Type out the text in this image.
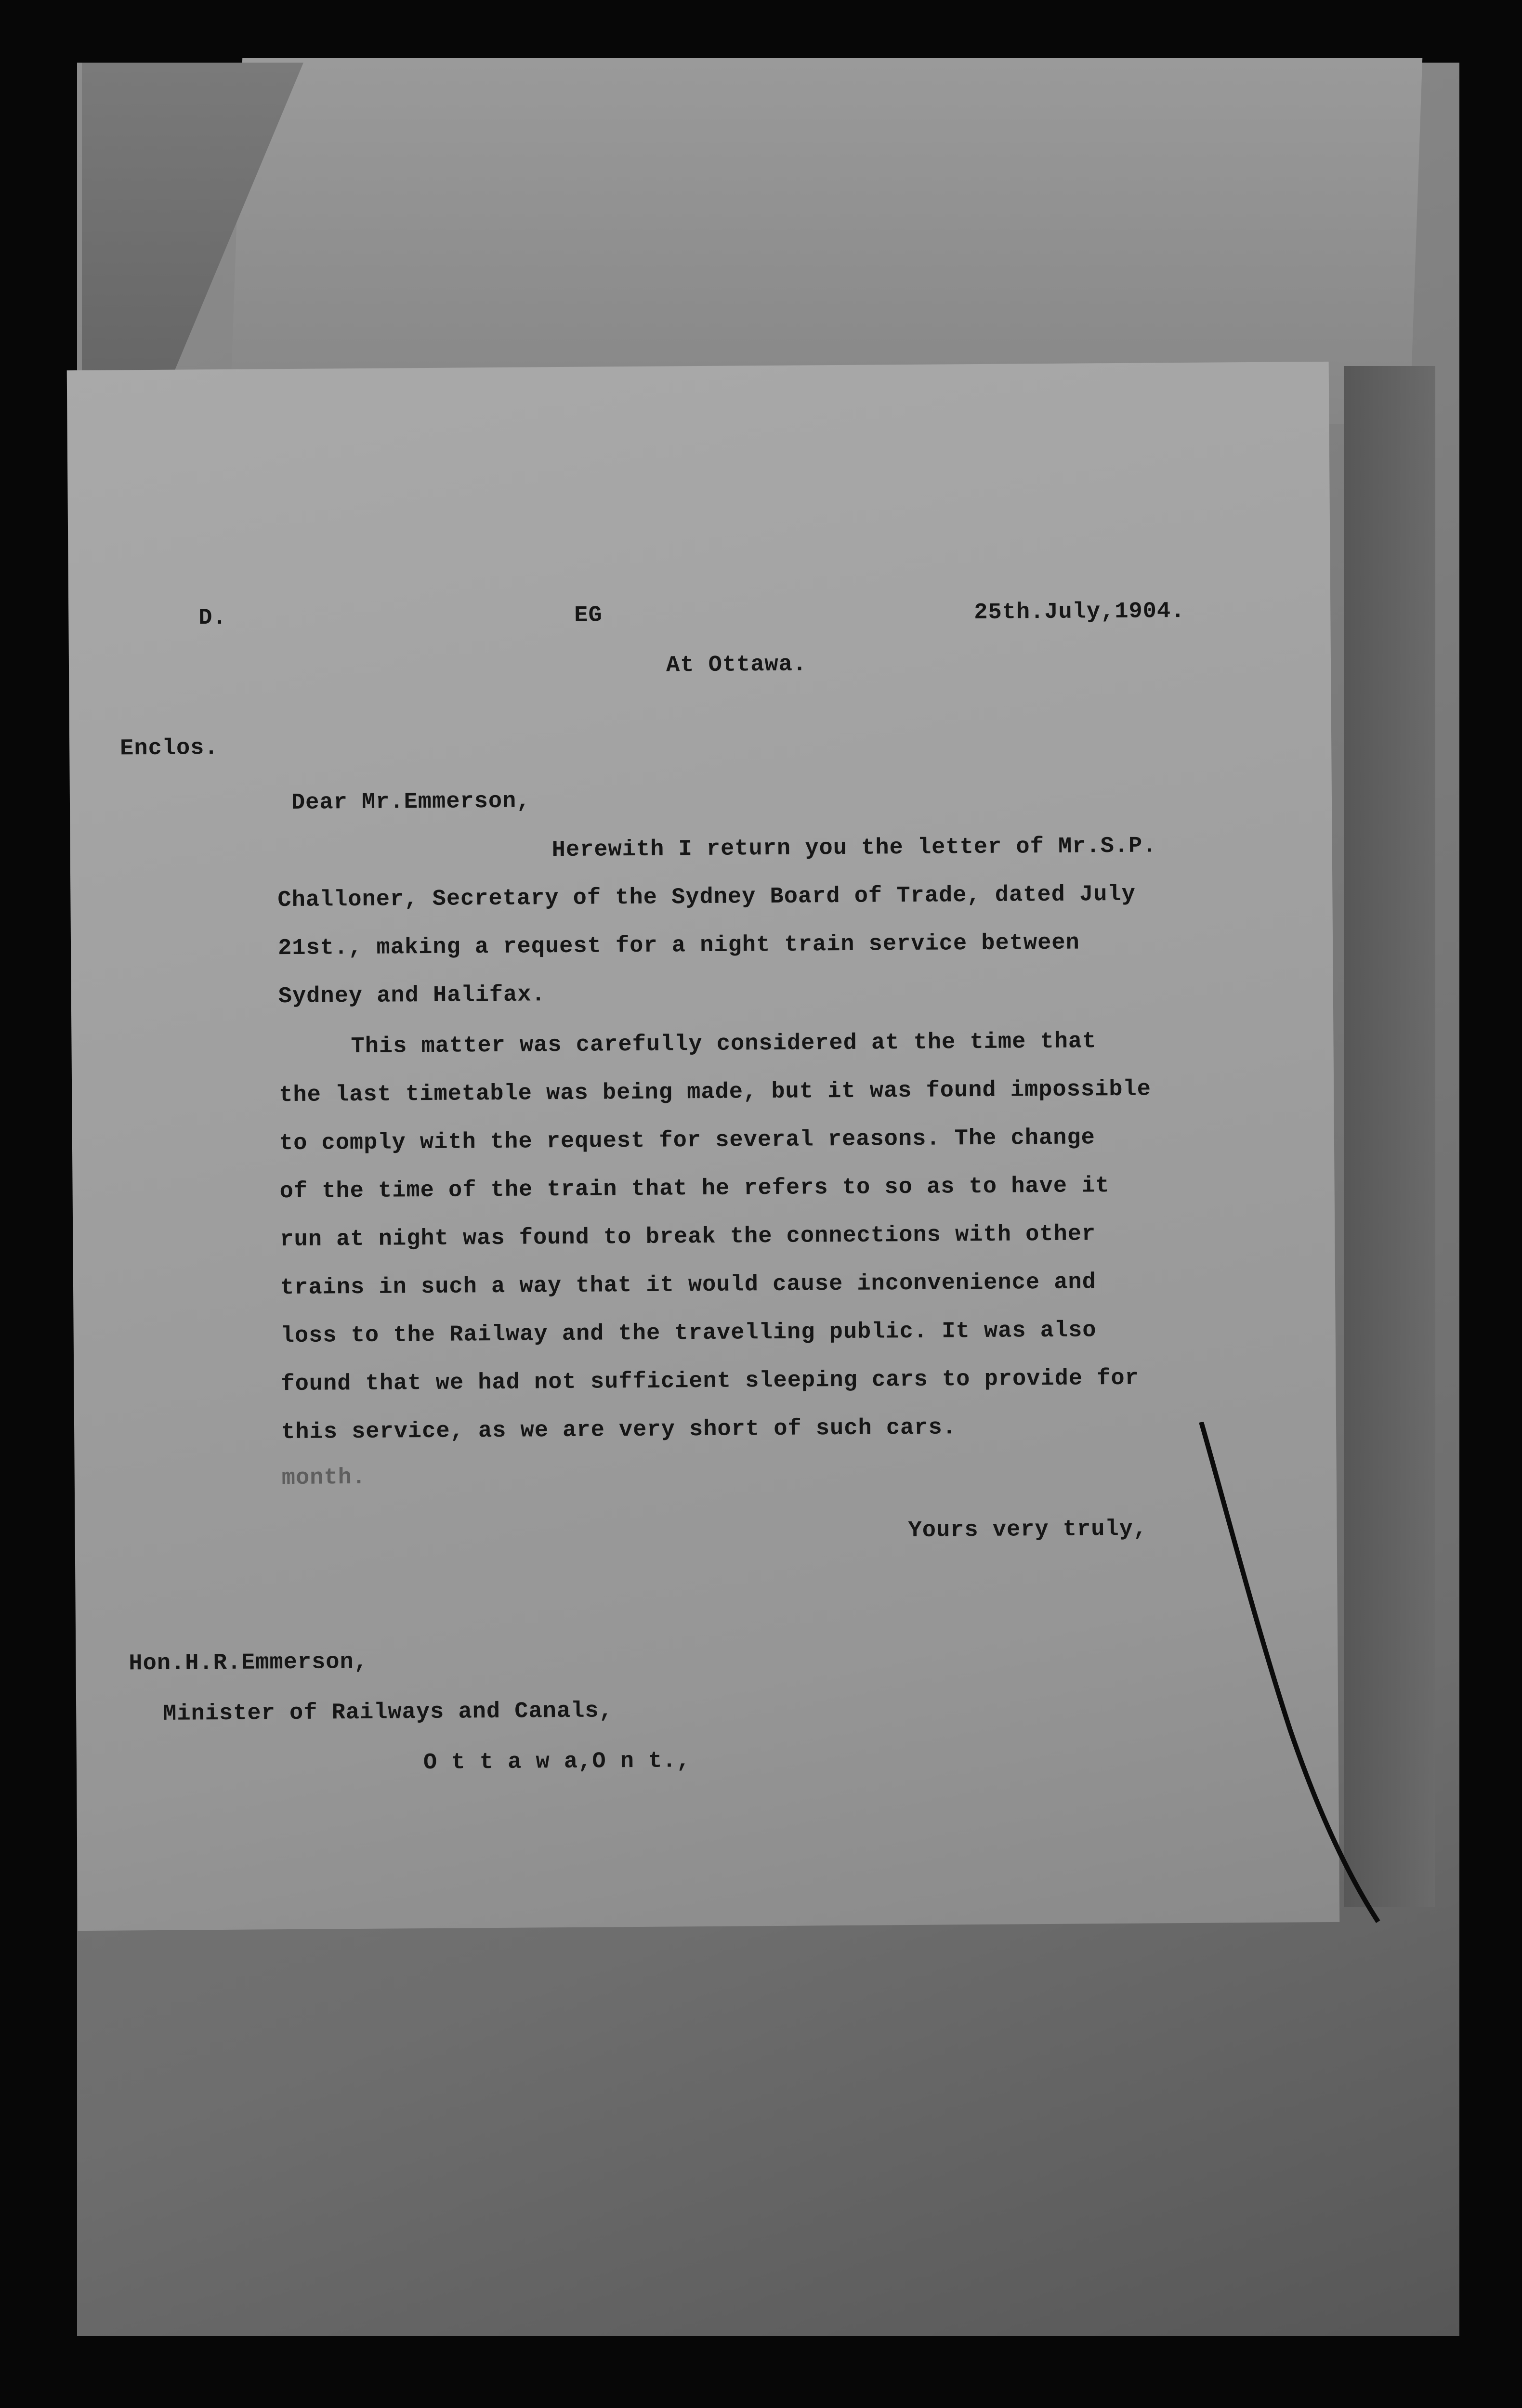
D.	EG	25th.July,1904.
At Ottawa.
Enclos.
Dear Mr.Emmerson,
Herewith I return you the letter of Mr.S.P.
Challoner, Secretary of the Sydney Board of Trade, dated July
21st., making a request for a night train service between
Sydney and Halifax.
This matter was carefully considered at the time that
the last timetable was being made, but it was found impossible
to comply with the request for several reasons. The change
of the time of the train that he refers to so as to have it
run at night was found to break the connections with other
trains in such a way that it would cause inconvenience and
loss to the Railway and the travelling public. It was also
found that we had not sufficient sleeping cars to provide for
this service, as we are very short of such cars.
month.
Yours very truly,
Hon.H.R.Emmerson,
Minister of Railways and Canals,
O t t a w a,O n t.,
